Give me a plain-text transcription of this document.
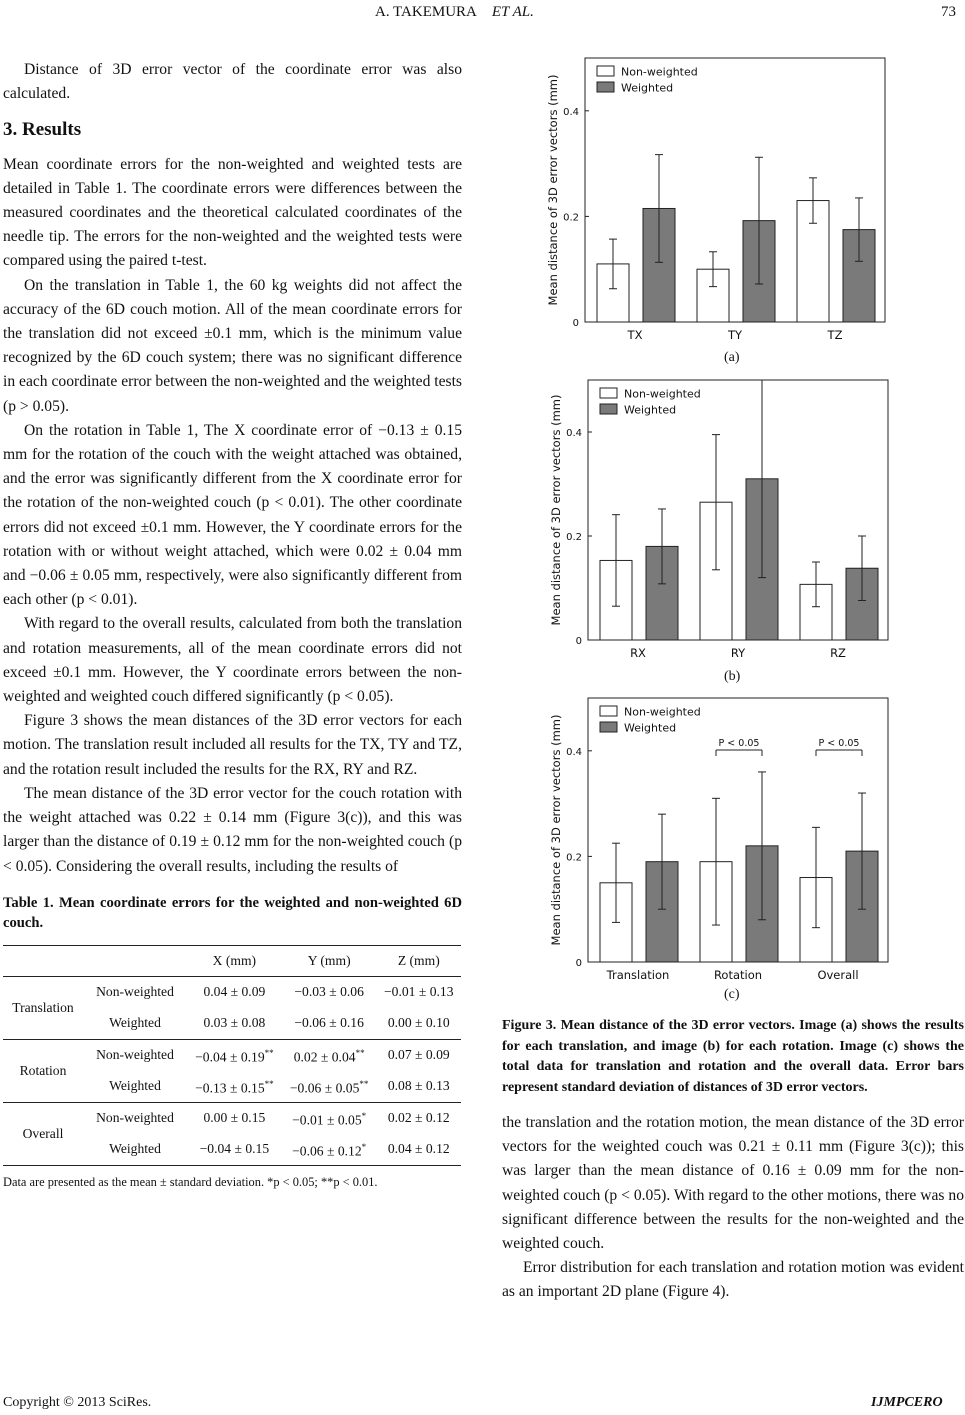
A. TAKEMURA ET AL.	73

Distance of 3D error vector of the coordinate error was also calculated.

3. Results

Mean coordinate errors for the non-weighted and weighted tests are detailed in Table 1. The coordinate errors were differences between the measured coordinates and the theoretical calculated coordinates of the needle tip. The errors for the non-weighted and the weighted tests were compared using the paired t-test.

On the translation in Table 1, the 60 kg weights did not affect the accuracy of the 6D couch motion. All of the mean coordinate errors for the translation did not exceed ±0.1 mm, which is the minimum value recognized by the 6D couch system; there was no significant difference in each coordinate error between the non-weighted and the weighted tests (p > 0.05).

On the rotation in Table 1, The X coordinate error of −0.13 ± 0.15 mm for the rotation of the couch with the weight attached was obtained, and the error was significantly different from the X coordinate error for the rotation of the non-weighted couch (p < 0.01). The other coordinate errors did not exceed ±0.1 mm. However, the Y coordinate errors for the rotation with or without weight attached, which were 0.02 ± 0.04 mm and −0.06 ± 0.05 mm, respectively, were also significantly different from each other (p < 0.01).

With regard to the overall results, calculated from both the translation and rotation measurements, all of the mean coordinate errors did not exceed ±0.1 mm. However, the Y coordinate errors between the non-weighted and weighted couch differed significantly (p < 0.05).

Figure 3 shows the mean distances of the 3D error vectors for each motion. The translation result included all results for the TX, TY and TZ, and the rotation result included the results for the RX, RY and RZ.

The mean distance of the 3D error vector for the couch rotation with the weight attached was 0.22 ± 0.14 mm (Figure 3(c)), and this was larger than the distance of 0.19 ± 0.12 mm for the non-weighted couch (p < 0.05). Considering the overall results, including the results of

Table 1. Mean coordinate errors for the weighted and non-weighted 6D couch.

		X (mm)	Y (mm)	Z (mm)
Translation	Non-weighted	0.04 ± 0.09	−0.03 ± 0.06	−0.01 ± 0.13
	Weighted	0.03 ± 0.08	−0.06 ± 0.16	0.00 ± 0.10
Rotation	Non-weighted	−0.04 ± 0.19**	0.02 ± 0.04**	0.07 ± 0.09
	Weighted	−0.13 ± 0.15**	−0.06 ± 0.05**	0.08 ± 0.13
Overall	Non-weighted	0.00 ± 0.15	−0.01 ± 0.05*	0.02 ± 0.12
	Weighted	−0.04 ± 0.15	−0.06 ± 0.12*	0.04 ± 0.12
Data are presented as the mean ± standard deviation. *p < 0.05; **p < 0.01.
0
0.2
0.4
Mean distance of 3D error vectors (mm)
TX	TY	TZ
Non-weighted
Weighted
(a)
0
0.2
0.4
Mean distance of 3D error vectors (mm)
RX	RY	RZ
Non-weighted
Weighted
(b)
0
0.2
0.4
Mean distance of 3D error vectors (mm)
Translation	Rotation	Overall
Non-weighted
Weighted
P < 0.05	P < 0.05
(c)
Figure 3. Mean distance of the 3D error vectors. Image (a) shows the results for each translation, and image (b) for each rotation. Image (c) shows the total data for translation and rotation and the overall data. Error bars represent standard deviation of distances of 3D error vectors.

the translation and the rotation motion, the mean distance of the 3D error vectors for the weighted couch was 0.21 ± 0.11 mm (Figure 3(c)); this was larger than the mean distance of 0.16 ± 0.09 mm for the non-weighted couch (p < 0.05). With regard to the other motions, there was no significant difference between the results for the non-weighted and the weighted couch.

Error distribution for each translation and rotation motion was evident as an important 2D plane (Figure 4).

Copyright © 2013 SciRes.	IJMPCERO
